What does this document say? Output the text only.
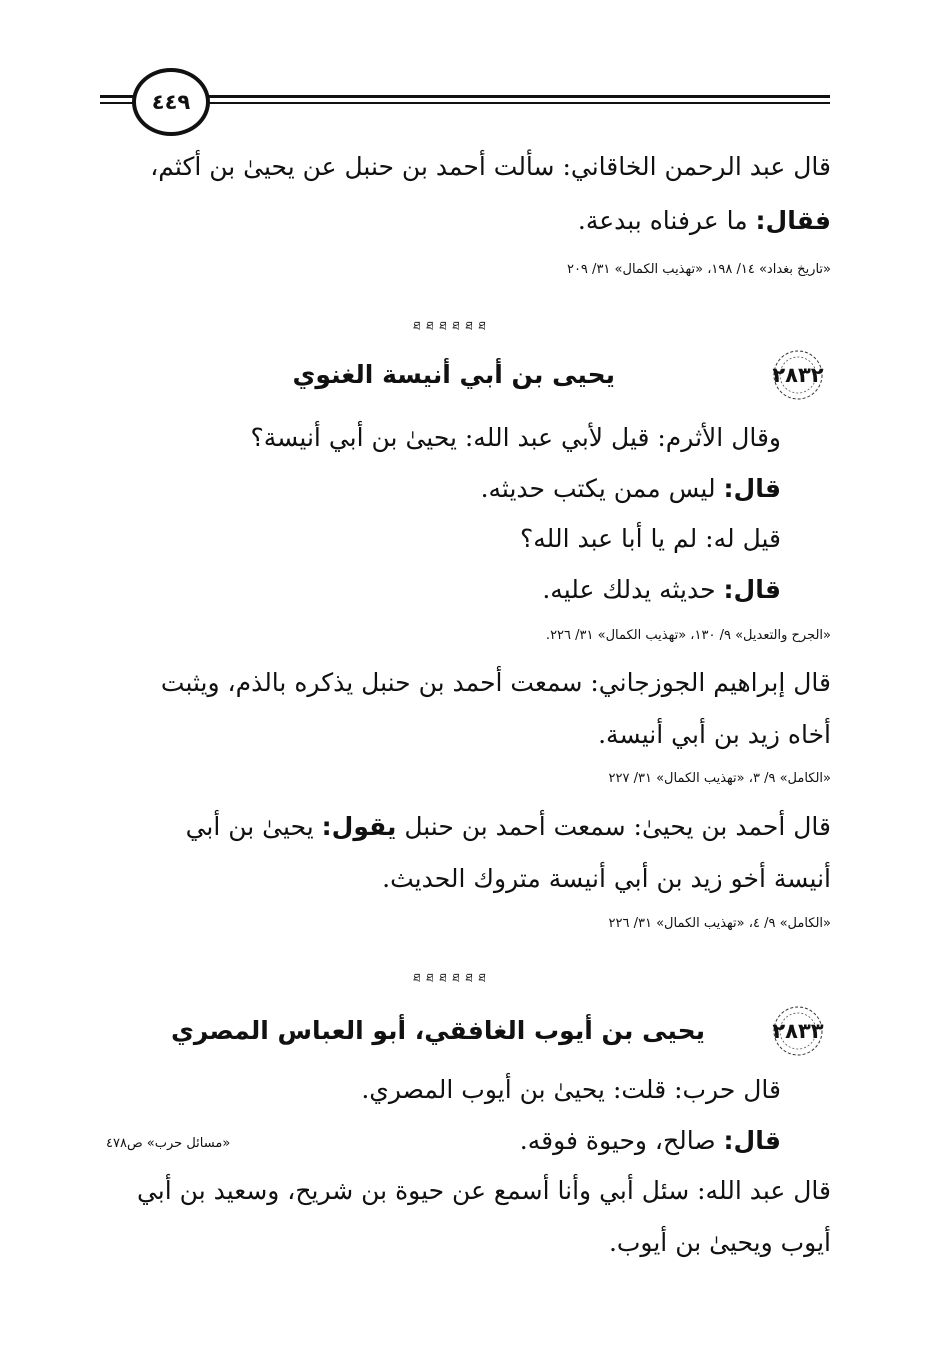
٤٤٩
قال عبد الرحمن الخاقاني: سألت أحمد بن حنبل عن يحيىٰ بن أكثم،
فقال: ما عرفناه ببدعة.
«تاريخ بغداد» ١٤/ ١٩٨، «تهذيب الكمال» ٣١/ ٢٠٩
ཐ ཐ ཐ ཐ ཐ ཐ
٢٨٣٢
يحيى بن أبي أنيسة الغنوي
وقال الأثرم: قيل لأبي عبد الله: يحيىٰ بن أبي أنيسة؟
قال: ليس ممن يكتب حديثه.
قيل له: لم يا أبا عبد الله؟
قال: حديثه يدلك عليه.
«الجرح والتعديل» ٩/ ١٣٠، «تهذيب الكمال» ٣١/ ٢٢٦.
قال إبراهيم الجوزجاني: سمعت أحمد بن حنبل يذكره بالذم، ويثبت
أخاه زيد بن أبي أنيسة.
«الكامل» ٩/ ٣، «تهذيب الكمال» ٣١/ ٢٢٧
قال أحمد بن يحيىٰ: سمعت أحمد بن حنبل يقول: يحيىٰ بن أبي
أنيسة أخو زيد بن أبي أنيسة متروك الحديث.
«الكامل» ٩/ ٤، «تهذيب الكمال» ٣١/ ٢٢٦
ཐ ཐ ཐ ཐ ཐ ཐ
٢٨٣٣
يحيى بن أيوب الغافقي، أبو العباس المصري
قال حرب: قلت: يحيىٰ بن أيوب المصري.
قال: صالح، وحيوة فوقه.
«مسائل حرب» ص٤٧٨
قال عبد الله: سئل أبي وأنا أسمع عن حيوة بن شريح، وسعيد بن أبي
أيوب ويحيىٰ بن أيوب.
